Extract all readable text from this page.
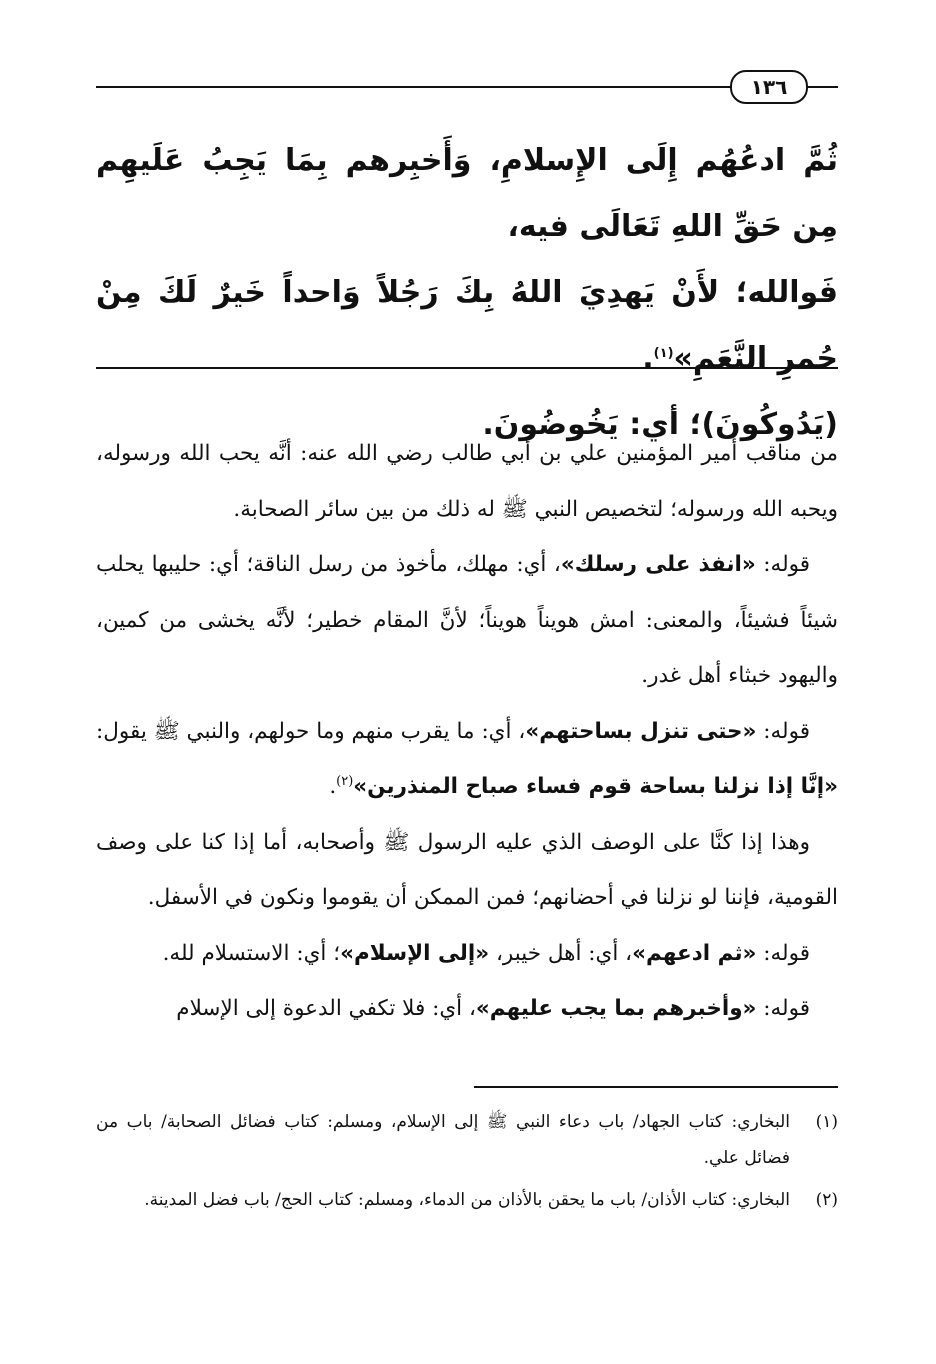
١٣٦

ثُمَّ ادعُهُم إِلَى الإِسلامِ، وَأَخبِرهم بِمَا يَجِبُ عَلَيهِم مِن حَقِّ اللهِ تَعَالَى فيه،

فَوالله؛ لأَنْ يَهدِيَ اللهُ بِكَ رَجُلاً وَاحداً خَيرٌ لَكَ مِنْ حُمرِ النَّعَمِ»$^{(١)}$.

(يَدُوكُونَ)؛ أي: يَخُوضُونَ.

من مناقب أمير المؤمنين علي بن أبي طالب رضي الله عنه: أنَّه يحب الله ورسوله، ويحبه الله ورسوله؛ لتخصيص النبي ﷺ له ذلك من بين سائر الصحابة.

قوله: «انفذ على رسلك»، أي: مهلك، مأخوذ من رسل الناقة؛ أي: حليبها يحلب شيئاً فشيئاً، والمعنى: امش هويناً هويناً؛ لأنَّ المقام خطير؛ لأنَّه يخشى من كمين، واليهود خبثاء أهل غدر.

قوله: «حتى تنزل بساحتهم»، أي: ما يقرب منهم وما حولهم، والنبي ﷺ يقول: «إنَّا إذا نزلنا بساحة قوم فساء صباح المنذرين»$^{(٢)}$.

وهذا إذا كنَّا على الوصف الذي عليه الرسول ﷺ وأصحابه، أما إذا كنا على وصف القومية، فإننا لو نزلنا في أحضانهم؛ فمن الممكن أن يقوموا ونكون في الأسفل.

قوله: «ثم ادعهم»، أي: أهل خيبر، «إلى الإسلام»؛ أي: الاستسلام لله.

قوله: «وأخبرهم بما يجب عليهم»، أي: فلا تكفي الدعوة إلى الإسلام

(١)
البخاري: كتاب الجهاد/ باب دعاء النبي ﷺ إلى الإسلام، ومسلم: كتاب فضائل الصحابة/ باب من فضائل علي.
(٢)
البخاري: كتاب الأذان/ باب ما يحقن بالأذان من الدماء، ومسلم: كتاب الحج/ باب فضل المدينة.
